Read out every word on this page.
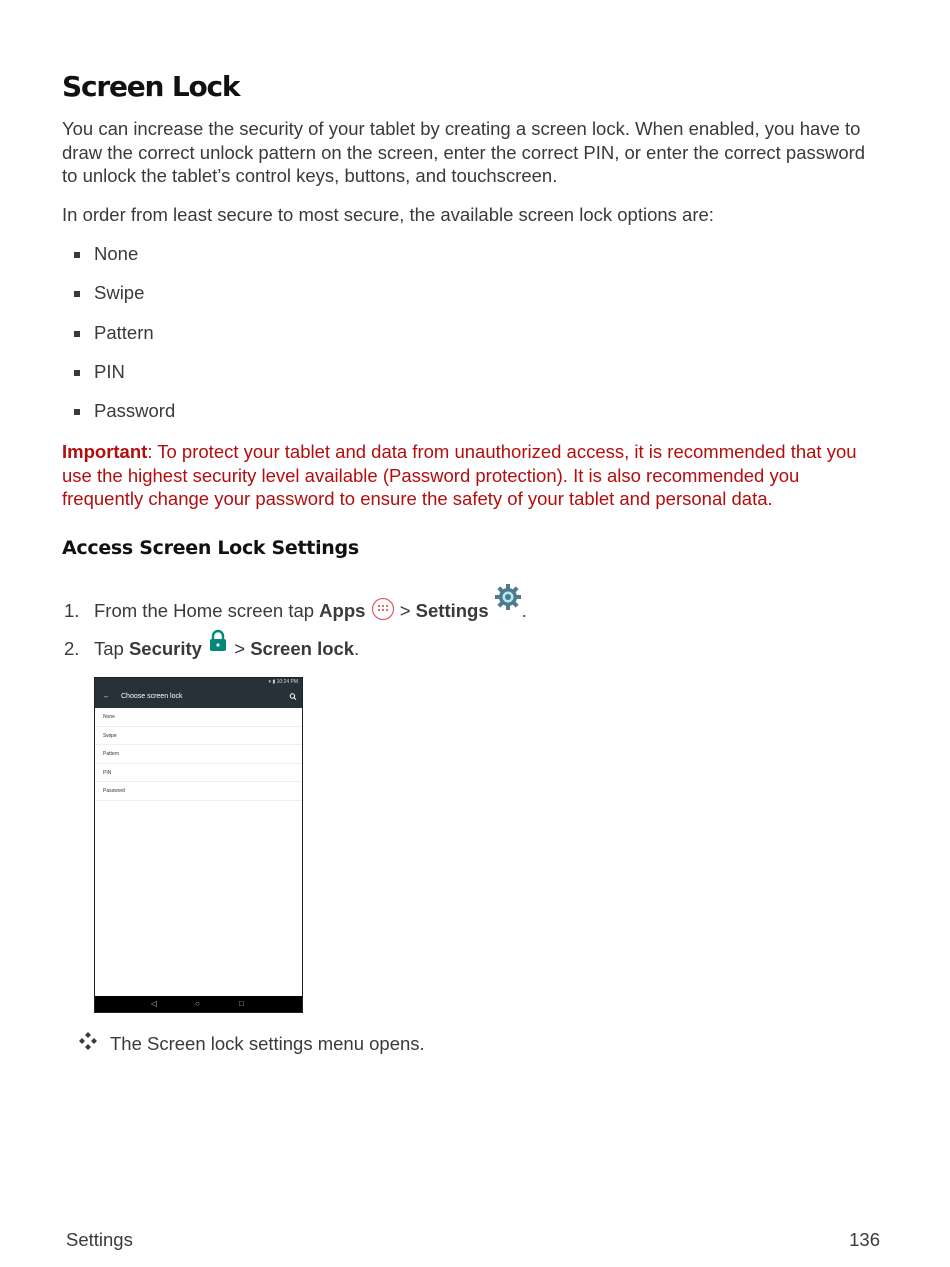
Screen Lock

You can increase the security of your tablet by creating a screen lock. When enabled, you have to draw the correct unlock pattern on the screen, enter the correct PIN, or enter the correct password to unlock the tablet’s control keys, buttons, and touchscreen.

In order from least secure to most secure, the available screen lock options are:

None
Swipe
Pattern
PIN
Password

Important: To protect your tablet and data from unauthorized access, it is recommended that you use the highest security level available (Password protection). It is also recommended you frequently change your password to ensure the safety of your tablet and personal data.

Access Screen Lock Settings
1. From the Home screen tap Apps  > Settings .
2. Tap Security  > Screen lock.
▾ ▮ 10:24 PM
← Choose screen lock
None
Swipe
Pattern
PIN
Password
◁	○	□
The Screen lock settings menu opens.
Settings	136
